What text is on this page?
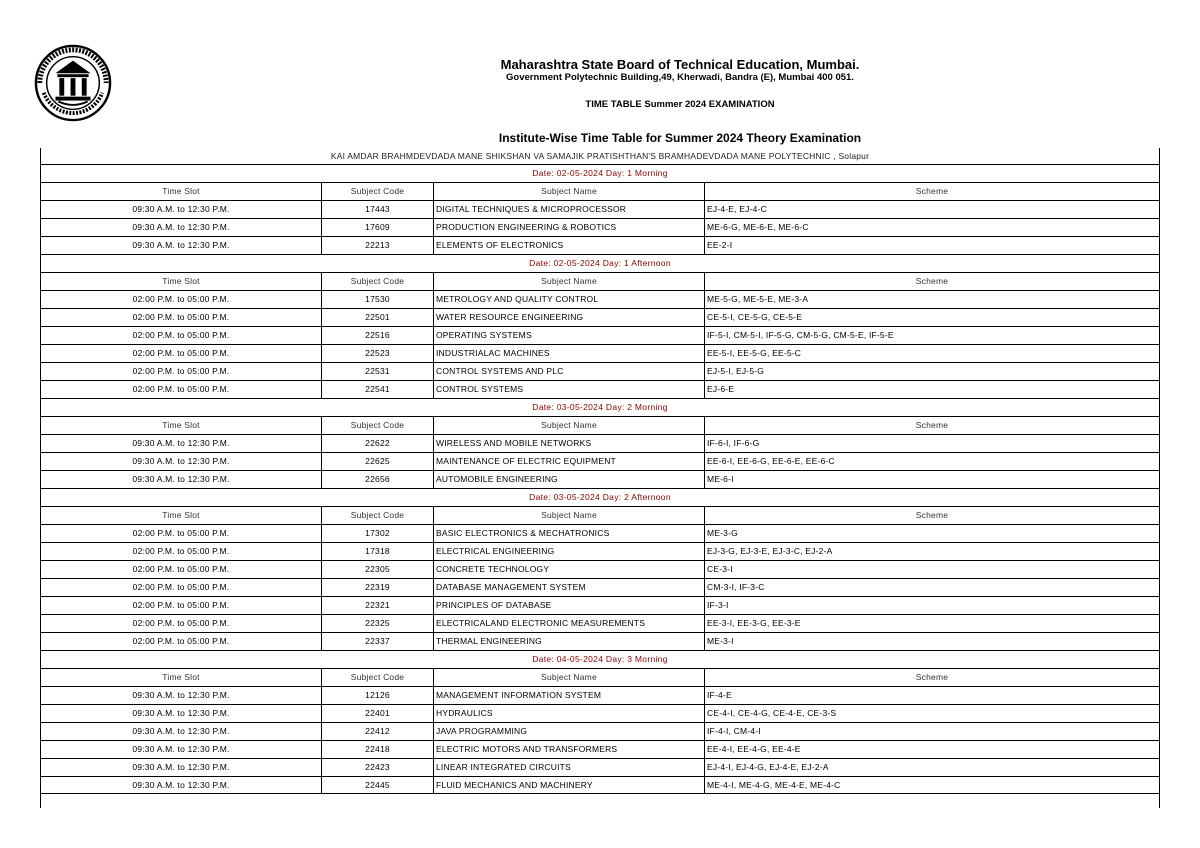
Maharashtra State Board of Technical Education, Mumbai.
Government Polytechnic Building,49, Kherwadi, Bandra (E), Mumbai 400 051.
TIME TABLE Summer 2024 EXAMINATION
Institute-Wise Time Table for Summer 2024 Theory Examination
KAI AMDAR BRAHMDEVDADA MANE SHIKSHAN VA SAMAJIK PRATISHTHAN'S BRAMHADEVDADA MANE POLYTECHNIC , Solapur
Date: 02-05-2024 Day: 1 Morning
Time Slot	Subject Code	Subject Name	Scheme
09:30 A.M. to 12:30 P.M.	17443	DIGITAL TECHNIQUES & MICROPROCESSOR	EJ-4-E, EJ-4-C
09:30 A.M. to 12:30 P.M.	17609	PRODUCTION ENGINEERING & ROBOTICS	ME-6-G, ME-6-E, ME-6-C
09:30 A.M. to 12:30 P.M.	22213	ELEMENTS OF ELECTRONICS	EE-2-I
Date: 02-05-2024 Day: 1 Afternoon
Time Slot	Subject Code	Subject Name	Scheme
02:00 P.M. to 05:00 P.M.	17530	METROLOGY AND QUALITY CONTROL	ME-5-G, ME-5-E, ME-3-A
02:00 P.M. to 05:00 P.M.	22501	WATER RESOURCE ENGINEERING	CE-5-I, CE-5-G, CE-5-E
02:00 P.M. to 05:00 P.M.	22516	OPERATING SYSTEMS	IF-5-I, CM-5-I, IF-5-G, CM-5-G, CM-5-E, IF-5-E
02:00 P.M. to 05:00 P.M.	22523	INDUSTRIALAC MACHINES	EE-5-I, EE-5-G, EE-5-C
02:00 P.M. to 05:00 P.M.	22531	CONTROL SYSTEMS AND PLC	EJ-5-I, EJ-5-G
02:00 P.M. to 05:00 P.M.	22541	CONTROL SYSTEMS	EJ-6-E
Date: 03-05-2024 Day: 2 Morning
Time Slot	Subject Code	Subject Name	Scheme
09:30 A.M. to 12:30 P.M.	22622	WIRELESS AND MOBILE NETWORKS	IF-6-I, IF-6-G
09:30 A.M. to 12:30 P.M.	22625	MAINTENANCE OF ELECTRIC EQUIPMENT	EE-6-I, EE-6-G, EE-6-E, EE-6-C
09:30 A.M. to 12:30 P.M.	22656	AUTOMOBILE ENGINEERING	ME-6-I
Date: 03-05-2024 Day: 2 Afternoon
Time Slot	Subject Code	Subject Name	Scheme
02:00 P.M. to 05:00 P.M.	17302	BASIC ELECTRONICS & MECHATRONICS	ME-3-G
02:00 P.M. to 05:00 P.M.	17318	ELECTRICAL ENGINEERING	EJ-3-G, EJ-3-E, EJ-3-C, EJ-2-A
02:00 P.M. to 05:00 P.M.	22305	CONCRETE TECHNOLOGY	CE-3-I
02:00 P.M. to 05:00 P.M.	22319	DATABASE MANAGEMENT SYSTEM	CM-3-I, IF-3-C
02:00 P.M. to 05:00 P.M.	22321	PRINCIPLES OF DATABASE	IF-3-I
02:00 P.M. to 05:00 P.M.	22325	ELECTRICALAND ELECTRONIC MEASUREMENTS	EE-3-I, EE-3-G, EE-3-E
02:00 P.M. to 05:00 P.M.	22337	THERMAL ENGINEERING	ME-3-I
Date: 04-05-2024 Day: 3 Morning
Time Slot	Subject Code	Subject Name	Scheme
09:30 A.M. to 12:30 P.M.	12126	MANAGEMENT INFORMATION SYSTEM	IF-4-E
09:30 A.M. to 12:30 P.M.	22401	HYDRAULICS	CE-4-I, CE-4-G, CE-4-E, CE-3-S
09:30 A.M. to 12:30 P.M.	22412	JAVA PROGRAMMING	IF-4-I, CM-4-I
09:30 A.M. to 12:30 P.M.	22418	ELECTRIC MOTORS AND TRANSFORMERS	EE-4-I, EE-4-G, EE-4-E
09:30 A.M. to 12:30 P.M.	22423	LINEAR INTEGRATED CIRCUITS	EJ-4-I, EJ-4-G, EJ-4-E, EJ-2-A
09:30 A.M. to 12:30 P.M.	22445	FLUID MECHANICS AND MACHINERY	ME-4-I, ME-4-G, ME-4-E, ME-4-C
